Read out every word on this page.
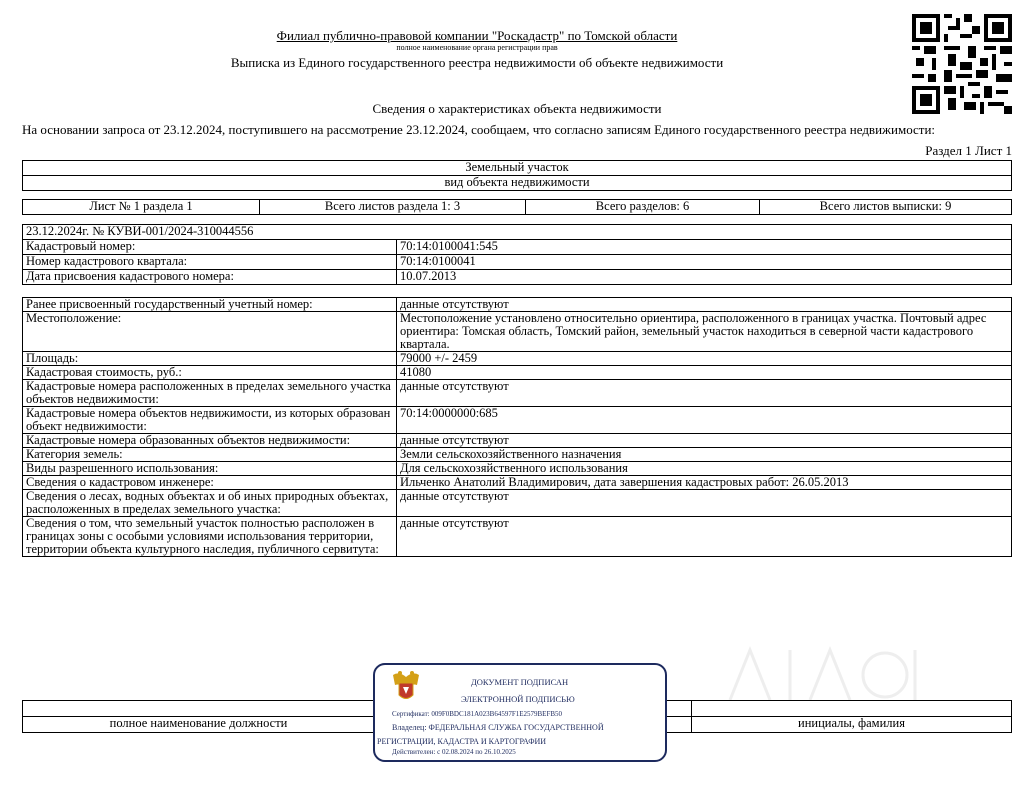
Филиал публично-правовой компании "Роскадастр" по Томской области
полное наименование органа регистрации прав
Выписка из Единого государственного реестра недвижимости об объекте недвижимости
Сведения о характеристиках объекта недвижимости
На основании запроса от 23.12.2024, поступившего на рассмотрение 23.12.2024, сообщаем, что согласно записям Единого государственного реестра недвижимости:
Раздел 1 Лист 1
Земельный участок
вид объекта недвижимости
Лист № 1 раздела 1	Всего листов раздела 1: 3	Всего разделов: 6	Всего листов выписки: 9
23.12.2024г. № КУВИ-001/2024-310044556	
Кадастровый номер:	70:14:0100041:545
Номер кадастрового квартала:	70:14:0100041
Дата присвоения кадастрового номера:	10.07.2013
Ранее присвоенный государственный учетный номер:	данные отсутствуют
Местоположение:	Местоположение установлено относительно ориентира, расположенного в границах участка. Почтовый адрес ориентира: Томская область, Томский район, земельный участок находиться в северной части кадастрового квартала.
Площадь:	79000 +/- 2459
Кадастровая стоимость, руб.:	41080
Кадастровые номера расположенных в пределах земельного участка объектов недвижимости:	данные отсутствуют
Кадастровые номера объектов недвижимости, из которых образован объект недвижимости:	70:14:0000000:685
Кадастровые номера образованных объектов недвижимости:	данные отсутствуют
Категория земель:	Земли сельскохозяйственного назначения
Виды разрешенного использования:	Для сельскохозяйственного использования
Сведения о кадастровом инженере:	Ильченко Анатолий Владимирович, дата завершения кадастровых работ: 26.05.2013
Сведения о лесах, водных объектах и об иных природных объектах, расположенных в пределах земельного участка:	данные отсутствуют
Сведения о том, что земельный участок полностью расположен в границах зоны с особыми условиями использования территории, территории объекта культурного наследия, публичного сервитута:	данные отсутствуют

полное наименование должности		инициалы, фамилия
ДОКУМЕНТ ПОДПИСАН
ЭЛЕКТРОННОЙ ПОДПИСЬЮ
Сертификат: 009F0BDC181A023B64597F1E2579BEFB50
Владелец: ФЕДЕРАЛЬНАЯ СЛУЖБА ГОСУДАРСТВЕННОЙ
РЕГИСТРАЦИИ, КАДАСТРА И КАРТОГРАФИИ
Действителен: с 02.08.2024 по 26.10.2025
